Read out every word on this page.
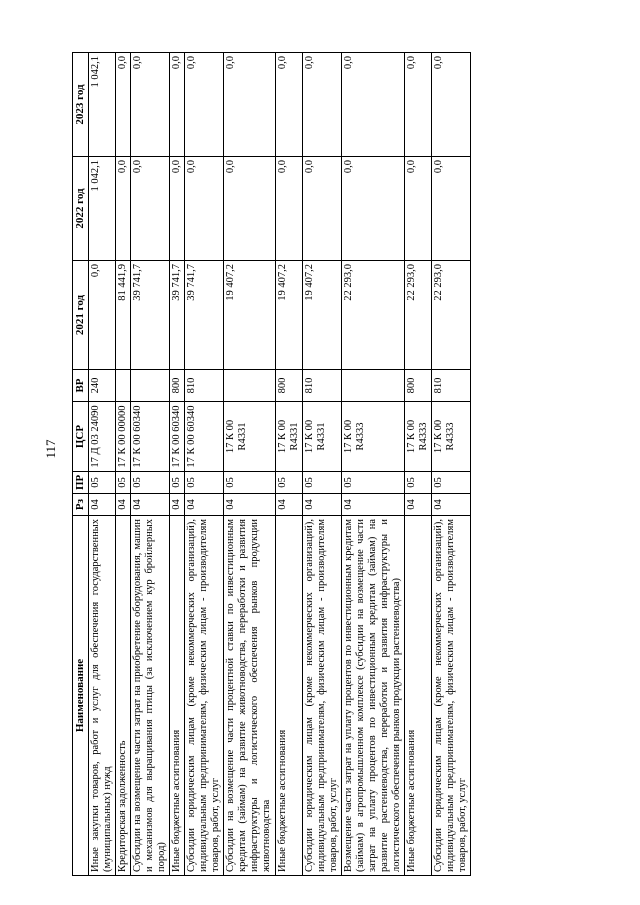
117
Наименование	Рз	ПР	ЦСР	ВР	2021 год	2022 год	2023 год
Иные закупки товаров, работ и услуг для обеспечения государственных (муниципальных) нужд	04	05	17 Д 03 24090	240	0,0	1 042,1	1 042,1
Кредиторская задолженность	04	05	17 К 00 00000		81 441,9	0,0	0,0
Субсидии на возмещение части затрат на приобретение оборудования, машин и механизмов для выращивания птицы (за исключением кур бройлерных пород)	04	05	17 К 00 60340		39 741,7	0,0	0,0
Иные бюджетные ассигнования	04	05	17 К 00 60340	800	39 741,7	0,0	0,0
Субсидии юридическим лицам (кроме некоммерческих организаций), индивидуальным предпринимателям, физическим лицам - производителям товаров, работ, услуг	04	05	17 К 00 60340	810	39 741,7	0,0	0,0
Субсидии на возмещение части процентной ставки по инвестиционным кредитам (займам) на развитие животноводства, переработки и развития инфраструктуры и логистического обеспечения рынков продукции животноводства	04	05	17 К 00 R4331		19 407,2	0,0	0,0
Иные бюджетные ассигнования	04	05	17 К 00 R4331	800	19 407,2	0,0	0,0
Субсидии юридическим лицам (кроме некоммерческих организаций), индивидуальным предпринимателям, физическим лицам - производителям товаров, работ, услуг	04	05	17 К 00 R4331	810	19 407,2	0,0	0,0
Возмещение части затрат на уплату процентов по инвестиционным кредитам (займам) в агропромышленном комплексе (субсидии на возмещение части затрат на уплату процентов по инвестиционным кредитам (займам) на развитие растениеводства, переработки и развития инфраструктуры и логистического обеспечения рынков продукции растениеводства)	04	05	17 К 00 R4333		22 293,0	0,0	0,0
Иные бюджетные ассигнования	04	05	17 К 00 R4333	800	22 293,0	0,0	0,0
Субсидии юридическим лицам (кроме некоммерческих организаций), индивидуальным предпринимателям, физическим лицам - производителям товаров, работ, услуг	04	05	17 К 00 R4333	810	22 293,0	0,0	0,0
